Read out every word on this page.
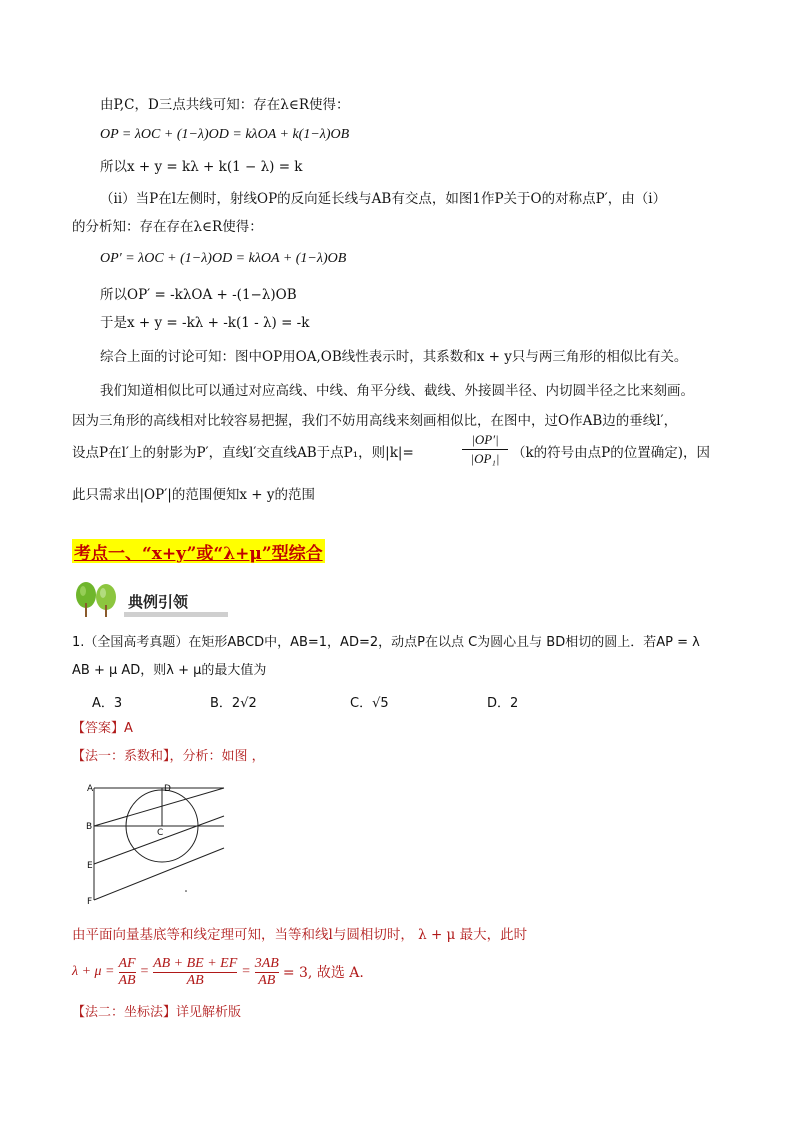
由P,C，D三点共线可知：存在λ∈R使得：
OP = λOC + (1−λ)OD = kλOA + k(1−λ)OB
所以x + y = kλ + k(1 − λ) = k
（ii）当P在l左侧时，射线OP的反向延长线与AB有交点，如图1作P关于O的对称点P′，由（i）
的分析知：存在存在λ∈R使得：
OP′ = λOC + (1−λ)OD = kλOA + (1−λ)OB
所以OP′ = -kλOA + -(1−λ)OB
于是x + y = -kλ + -k(1 - λ) = -k
综合上面的讨论可知：图中OP用OA,OB线性表示时，其系数和x + y只与两三角形的相似比有关。
我们知道相似比可以通过对应高线、中线、角平分线、截线、外接圆半径、内切圆半径之比来刻画。
因为三角形的高线相对比较容易把握，我们不妨用高线来刻画相似比，在图中，过O作AB边的垂线l′，
设点P在l′上的射影为P′，直线l′交直线AB于点P₁，则|k|=
|OP′|
|OP₁| （k的符号由点P的位置确定)，因
此只需求出|OP′|的范围便知x + y的范围
考点一、“x+y”或“λ+μ”型综合
典例引领
1.（全国高考真题）在矩形ABCD中，AB=1，AD=2，动点P在以点 C为圆心且与 BD相切的圆上．若AP = λ
AB + μ AD，则λ + μ的最大值为
A．3	B．2√2	C．√5	D．2
【答案】A
【法一：系数和】，分析：如图 ，
A	D
B
C
E
F
由平面向量基底等和线定理可知，当等和线l与圆相切时， λ + μ 最大，此时
$\lambda + \mu = \frac{AF}{AB} = \frac{AB + BE + EF}{AB} = \frac{3AB}{AB} = 3$, 故选 A.
【法二：坐标法】详见解析版
